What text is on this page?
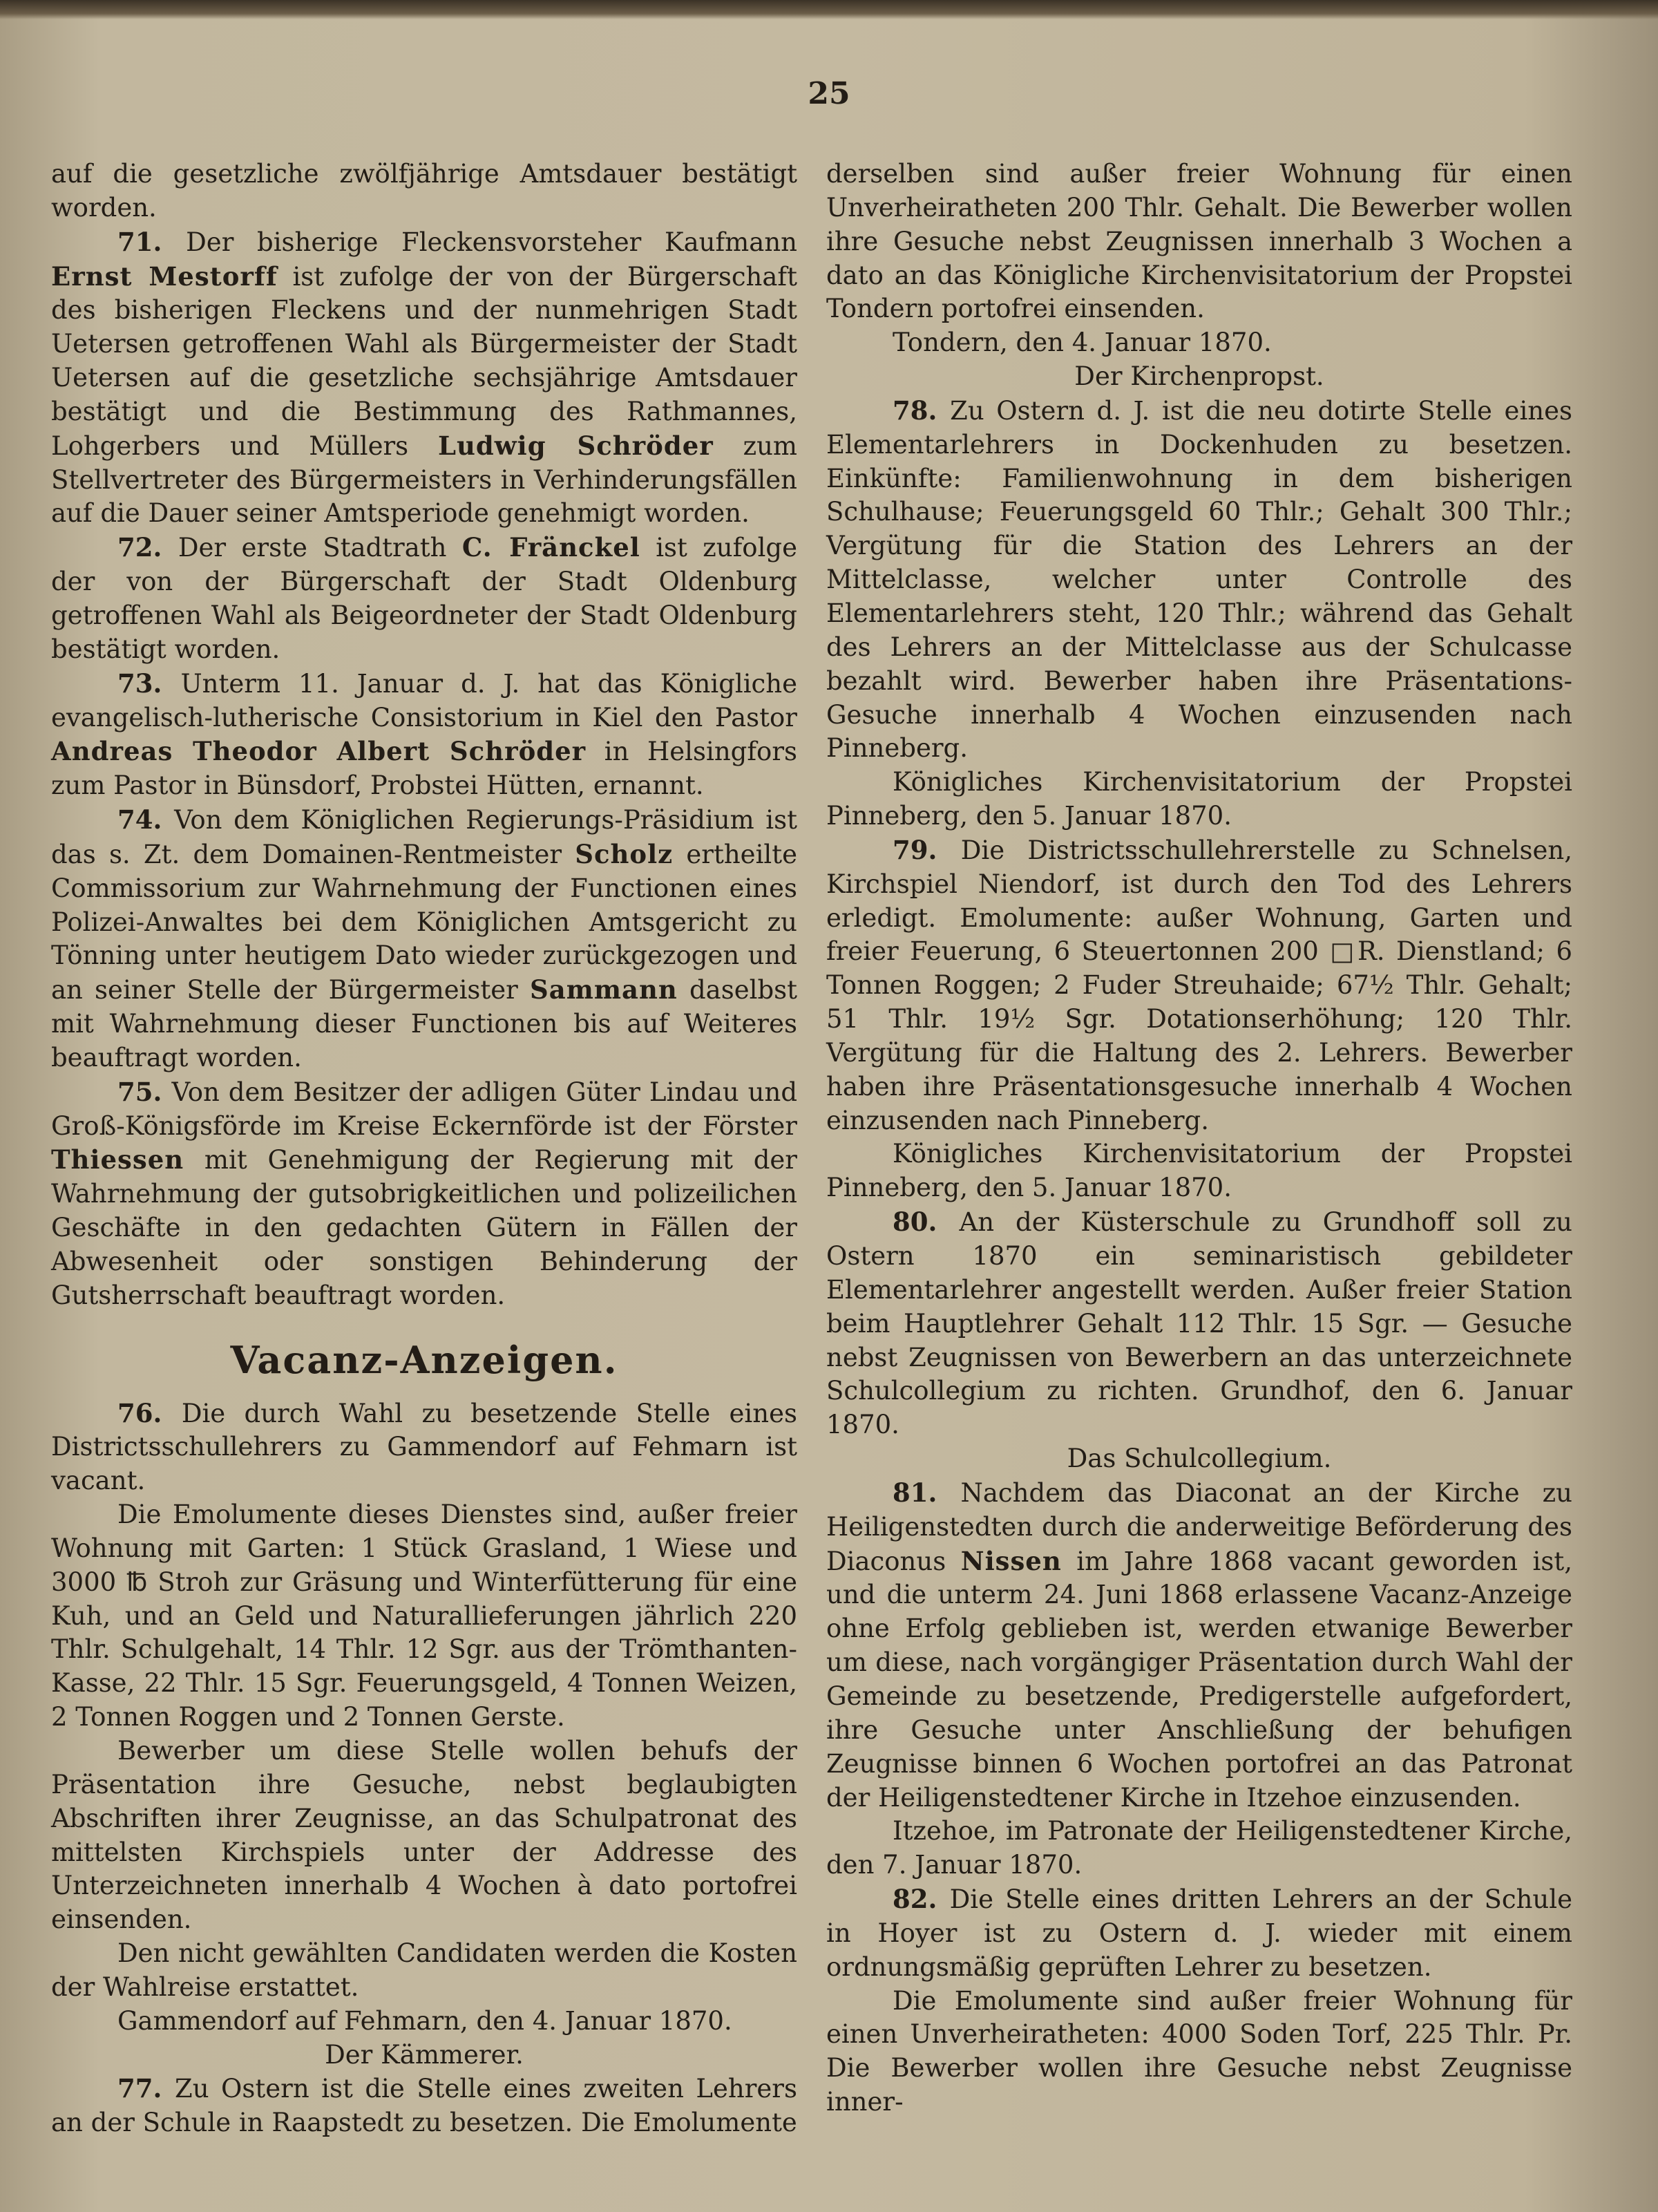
25
auf die gesetzliche zwölfjährige Amtsdauer bestätigt worden.
71. Der bisherige Fleckensvorsteher Kaufmann Ernst Mestorff ist zufolge der von der Bürgerschaft des bisherigen Fleckens und der nunmehrigen Stadt Uetersen getroffenen Wahl als Bürgermeister der Stadt Uetersen auf die gesetzliche sechsjährige Amtsdauer bestätigt und die Bestimmung des Rathmannes, Lohgerbers und Müllers Ludwig Schröder zum Stellvertreter des Bürgermeisters in Verhinderungsfällen auf die Dauer seiner Amtsperiode genehmigt worden.
72. Der erste Stadtrath C. Fränckel ist zufolge der von der Bürgerschaft der Stadt Oldenburg getroffenen Wahl als Beigeordneter der Stadt Oldenburg bestätigt worden.
73. Unterm 11. Januar d. J. hat das Königliche evangelisch-lutherische Consistorium in Kiel den Pastor Andreas Theodor Albert Schröder in Helsingfors zum Pastor in Bünsdorf, Probstei Hütten, ernannt.
74. Von dem Königlichen Regierungs-Präsidium ist das s. Zt. dem Domainen-Rentmeister Scholz ertheilte Commissorium zur Wahrnehmung der Functionen eines Polizei-Anwaltes bei dem Königlichen Amtsgericht zu Tönning unter heutigem Dato wieder zurückgezogen und an seiner Stelle der Bürgermeister Sammann daselbst mit Wahrnehmung dieser Functionen bis auf Weiteres beauftragt worden.
75. Von dem Besitzer der adligen Güter Lindau und Groß-Königsförde im Kreise Eckernförde ist der Förster Thiessen mit Genehmigung der Regierung mit der Wahrnehmung der gutsobrigkeitlichen und polizeilichen Geschäfte in den gedachten Gütern in Fällen der Abwesenheit oder sonstigen Behinderung der Gutsherrschaft beauftragt worden.
Vacanz-Anzeigen.
76. Die durch Wahl zu besetzende Stelle eines Districtsschullehrers zu Gammendorf auf Fehmarn ist vacant.
Die Emolumente dieses Dienstes sind, außer freier Wohnung mit Garten: 1 Stück Grasland, 1 Wiese und 3000 ℔ Stroh zur Gräsung und Winterfütterung für eine Kuh, und an Geld und Naturallieferungen jährlich 220 Thlr. Schulgehalt, 14 Thlr. 12 Sgr. aus der Trömthanten-Kasse, 22 Thlr. 15 Sgr. Feuerungsgeld, 4 Tonnen Weizen, 2 Tonnen Roggen und 2 Tonnen Gerste.
Bewerber um diese Stelle wollen behufs der Präsentation ihre Gesuche, nebst beglaubigten Abschriften ihrer Zeugnisse, an das Schulpatronat des mittelsten Kirchspiels unter der Addresse des Unterzeichneten innerhalb 4 Wochen à dato portofrei einsenden.
Den nicht gewählten Candidaten werden die Kosten der Wahlreise erstattet.
Gammendorf auf Fehmarn, den 4. Januar 1870.
Der Kämmerer.
77. Zu Ostern ist die Stelle eines zweiten Lehrers an der Schule in Raapstedt zu besetzen. Die Emolumente
derselben sind außer freier Wohnung für einen Unverheiratheten 200 Thlr. Gehalt. Die Bewerber wollen ihre Gesuche nebst Zeugnissen innerhalb 3 Wochen a dato an das Königliche Kirchenvisitatorium der Propstei Tondern portofrei einsenden.
Tondern, den 4. Januar 1870.
Der Kirchenpropst.
78. Zu Ostern d. J. ist die neu dotirte Stelle eines Elementarlehrers in Dockenhuden zu besetzen. Einkünfte: Familienwohnung in dem bisherigen Schulhause; Feuerungsgeld 60 Thlr.; Gehalt 300 Thlr.; Vergütung für die Station des Lehrers an der Mittelclasse, welcher unter Controlle des Elementarlehrers steht, 120 Thlr.; während das Gehalt des Lehrers an der Mittelclasse aus der Schulcasse bezahlt wird. Bewerber haben ihre Präsentations-Gesuche innerhalb 4 Wochen einzusenden nach Pinneberg.
Königliches Kirchenvisitatorium der Propstei Pinneberg, den 5. Januar 1870.
79. Die Districtsschullehrerstelle zu Schnelsen, Kirchspiel Niendorf, ist durch den Tod des Lehrers erledigt. Emolumente: außer Wohnung, Garten und freier Feuerung, 6 Steuertonnen 200 □R. Dienstland; 6 Tonnen Roggen; 2 Fuder Streuhaide; 67½ Thlr. Gehalt; 51 Thlr. 19½ Sgr. Dotationserhöhung; 120 Thlr. Vergütung für die Haltung des 2. Lehrers. Bewerber haben ihre Präsentationsgesuche innerhalb 4 Wochen einzusenden nach Pinneberg.
Königliches Kirchenvisitatorium der Propstei Pinneberg, den 5. Januar 1870.
80. An der Küsterschule zu Grundhoff soll zu Ostern 1870 ein seminaristisch gebildeter Elementarlehrer angestellt werden. Außer freier Station beim Hauptlehrer Gehalt 112 Thlr. 15 Sgr. — Gesuche nebst Zeugnissen von Bewerbern an das unterzeichnete Schulcollegium zu richten. Grundhof, den 6. Januar 1870.
Das Schulcollegium.
81. Nachdem das Diaconat an der Kirche zu Heiligenstedten durch die anderweitige Beförderung des Diaconus Nissen im Jahre 1868 vacant geworden ist, und die unterm 24. Juni 1868 erlassene Vacanz-Anzeige ohne Erfolg geblieben ist, werden etwanige Bewerber um diese, nach vorgängiger Präsentation durch Wahl der Gemeinde zu besetzende, Predigerstelle aufgefordert, ihre Gesuche unter Anschließung der behufigen Zeugnisse binnen 6 Wochen portofrei an das Patronat der Heiligenstedtener Kirche in Itzehoe einzusenden.
Itzehoe, im Patronate der Heiligenstedtener Kirche, den 7. Januar 1870.
82. Die Stelle eines dritten Lehrers an der Schule in Hoyer ist zu Ostern d. J. wieder mit einem ordnungsmäßig geprüften Lehrer zu besetzen.
Die Emolumente sind außer freier Wohnung für einen Unverheiratheten: 4000 Soden Torf, 225 Thlr. Pr. Die Bewerber wollen ihre Gesuche nebst Zeugnisse inner-
